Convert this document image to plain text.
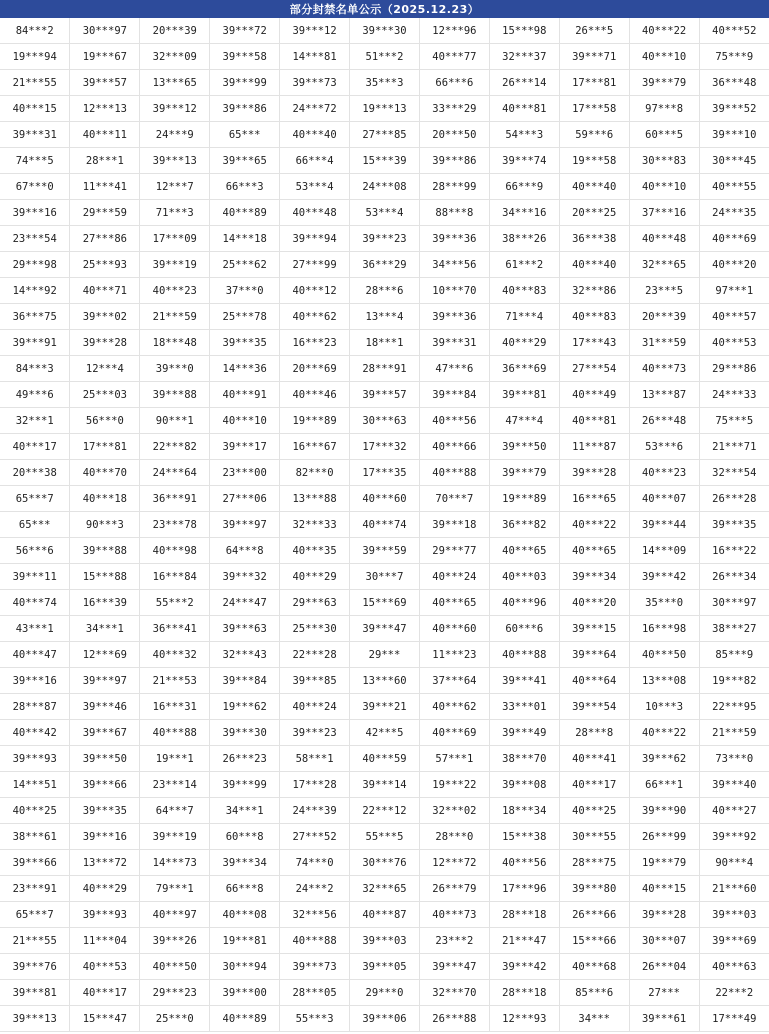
部分封禁名单公示（2025.12.23）
84***2	30***97	20***39	39***72	39***12	39***30	12***96	15***98	26***5	40***22	40***52
19***94	19***67	32***09	39***58	14***81	51***2	40***77	32***37	39***71	40***10	75***9
21***55	39***57	13***65	39***99	39***73	35***3	66***6	26***14	17***81	39***79	36***48
40***15	12***13	39***12	39***86	24***72	19***13	33***29	40***81	17***58	97***8	39***52
39***31	40***11	24***9	65***	40***40	27***85	20***50	54***3	59***6	60***5	39***10
74***5	28***1	39***13	39***65	66***4	15***39	39***86	39***74	19***58	30***83	30***45
67***0	11***41	12***7	66***3	53***4	24***08	28***99	66***9	40***40	40***10	40***55
39***16	29***59	71***3	40***89	40***48	53***4	88***8	34***16	20***25	37***16	24***35
23***54	27***86	17***09	14***18	39***94	39***23	39***36	38***26	36***38	40***48	40***69
29***98	25***93	39***19	25***62	27***99	36***29	34***56	61***2	40***40	32***65	40***20
14***92	40***71	40***23	37***0	40***12	28***6	10***70	40***83	32***86	23***5	97***1
36***75	39***02	21***59	25***78	40***62	13***4	39***36	71***4	40***83	20***39	40***57
39***91	39***28	18***48	39***35	16***23	18***1	39***31	40***29	17***43	31***59	40***53
84***3	12***4	39***0	14***36	20***69	28***91	47***6	36***69	27***54	40***73	29***86
49***6	25***03	39***88	40***91	40***46	39***57	39***84	39***81	40***49	13***87	24***33
32***1	56***0	90***1	40***10	19***89	30***63	40***56	47***4	40***81	26***48	75***5
40***17	17***81	22***82	39***17	16***67	17***32	40***66	39***50	11***87	53***6	21***71
20***38	40***70	24***64	23***00	82***0	17***35	40***88	39***79	39***28	40***23	32***54
65***7	40***18	36***91	27***06	13***88	40***60	70***7	19***89	16***65	40***07	26***28
65***	90***3	23***78	39***97	32***33	40***74	39***18	36***82	40***22	39***44	39***35
56***6	39***88	40***98	64***8	40***35	39***59	29***77	40***65	40***65	14***09	16***22
39***11	15***88	16***84	39***32	40***29	30***7	40***24	40***03	39***34	39***42	26***34
40***74	16***39	55***2	24***47	29***63	15***69	40***65	40***96	40***20	35***0	30***97
43***1	34***1	36***41	39***63	25***30	39***47	40***60	60***6	39***15	16***98	38***27
40***47	12***69	40***32	32***43	22***28	29***	11***23	40***88	39***64	40***50	85***9
39***16	39***97	21***53	39***84	39***85	13***60	37***64	39***41	40***64	13***08	19***82
28***87	39***46	16***31	19***62	40***24	39***21	40***62	33***01	39***54	10***3	22***95
40***42	39***67	40***88	39***30	39***23	42***5	40***69	39***49	28***8	40***22	21***59
39***93	39***50	19***1	26***23	58***1	40***59	57***1	38***70	40***41	39***62	73***0
14***51	39***66	23***14	39***99	17***28	39***14	19***22	39***08	40***17	66***1	39***40
40***25	39***35	64***7	34***1	24***39	22***12	32***02	18***34	40***25	39***90	40***27
38***61	39***16	39***19	60***8	27***52	55***5	28***0	15***38	30***55	26***99	39***92
39***66	13***72	14***73	39***34	74***0	30***76	12***72	40***56	28***75	19***79	90***4
23***91	40***29	79***1	66***8	24***2	32***65	26***79	17***96	39***80	40***15	21***60
65***7	39***93	40***97	40***08	32***56	40***87	40***73	28***18	26***66	39***28	39***03
21***55	11***04	39***26	19***81	40***88	39***03	23***2	21***47	15***66	30***07	39***69
39***76	40***53	40***50	30***94	39***73	39***05	39***47	39***42	40***68	26***04	40***63
39***81	40***17	29***23	39***00	28***05	29***0	32***70	28***18	85***6	27***	22***2
39***13	15***47	25***0	40***89	55***3	39***06	26***88	12***93	34***	39***61	17***49
